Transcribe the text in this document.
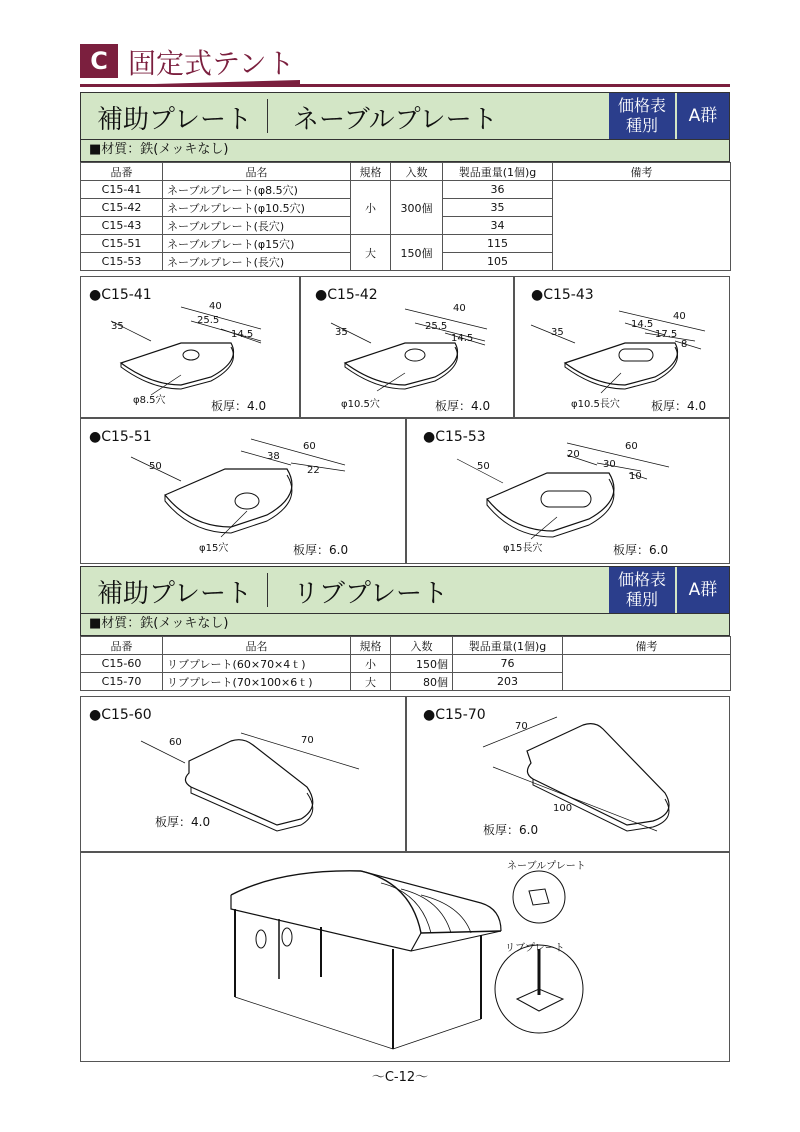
C 固定式テント
補助プレート ネーブルプレート	価格表
種別	A群
■材質：鉄(メッキなし)
品番	品名	規格	入数	製品重量(1個)g	備考
C15-41	ネーブルプレート(φ8.5穴)	小	300個	36	
C15-42	ネーブルプレート(φ10.5穴)			35	
C15-43	ネーブルプレート(長穴)			34	
C15-51	ネーブルプレート(φ15穴)	大	150個	115	
C15-53	ネーブルプレート(長穴)			105	
●C15-41
40
35
25.5
14.5
φ8.5穴	板厚：4.0
●C15-42
40
35
25.5
14.5
φ10.5穴	板厚：4.0
●C15-43
40
35
14.5
17.5
8
φ10.5長穴	板厚：4.0
●C15-51
60
50
38
22
φ15穴	板厚：6.0
●C15-53
60
50
20
30
10
φ15長穴	板厚：6.0
補助プレート リブプレート	価格表
種別	A群
■材質：鉄(メッキなし)
品番	品名	規格	入数	製品重量(1個)g	備考
C15-60	リブプレート(60×70×4ｔ)	小	150個	76	
C15-70	リブプレート(70×100×6ｔ)	大	80個	203	
●C15-60
60	70
板厚：4.0
●C15-70
70
100
板厚：6.0
ネーブルプレート
リブプレート
～C-12～
